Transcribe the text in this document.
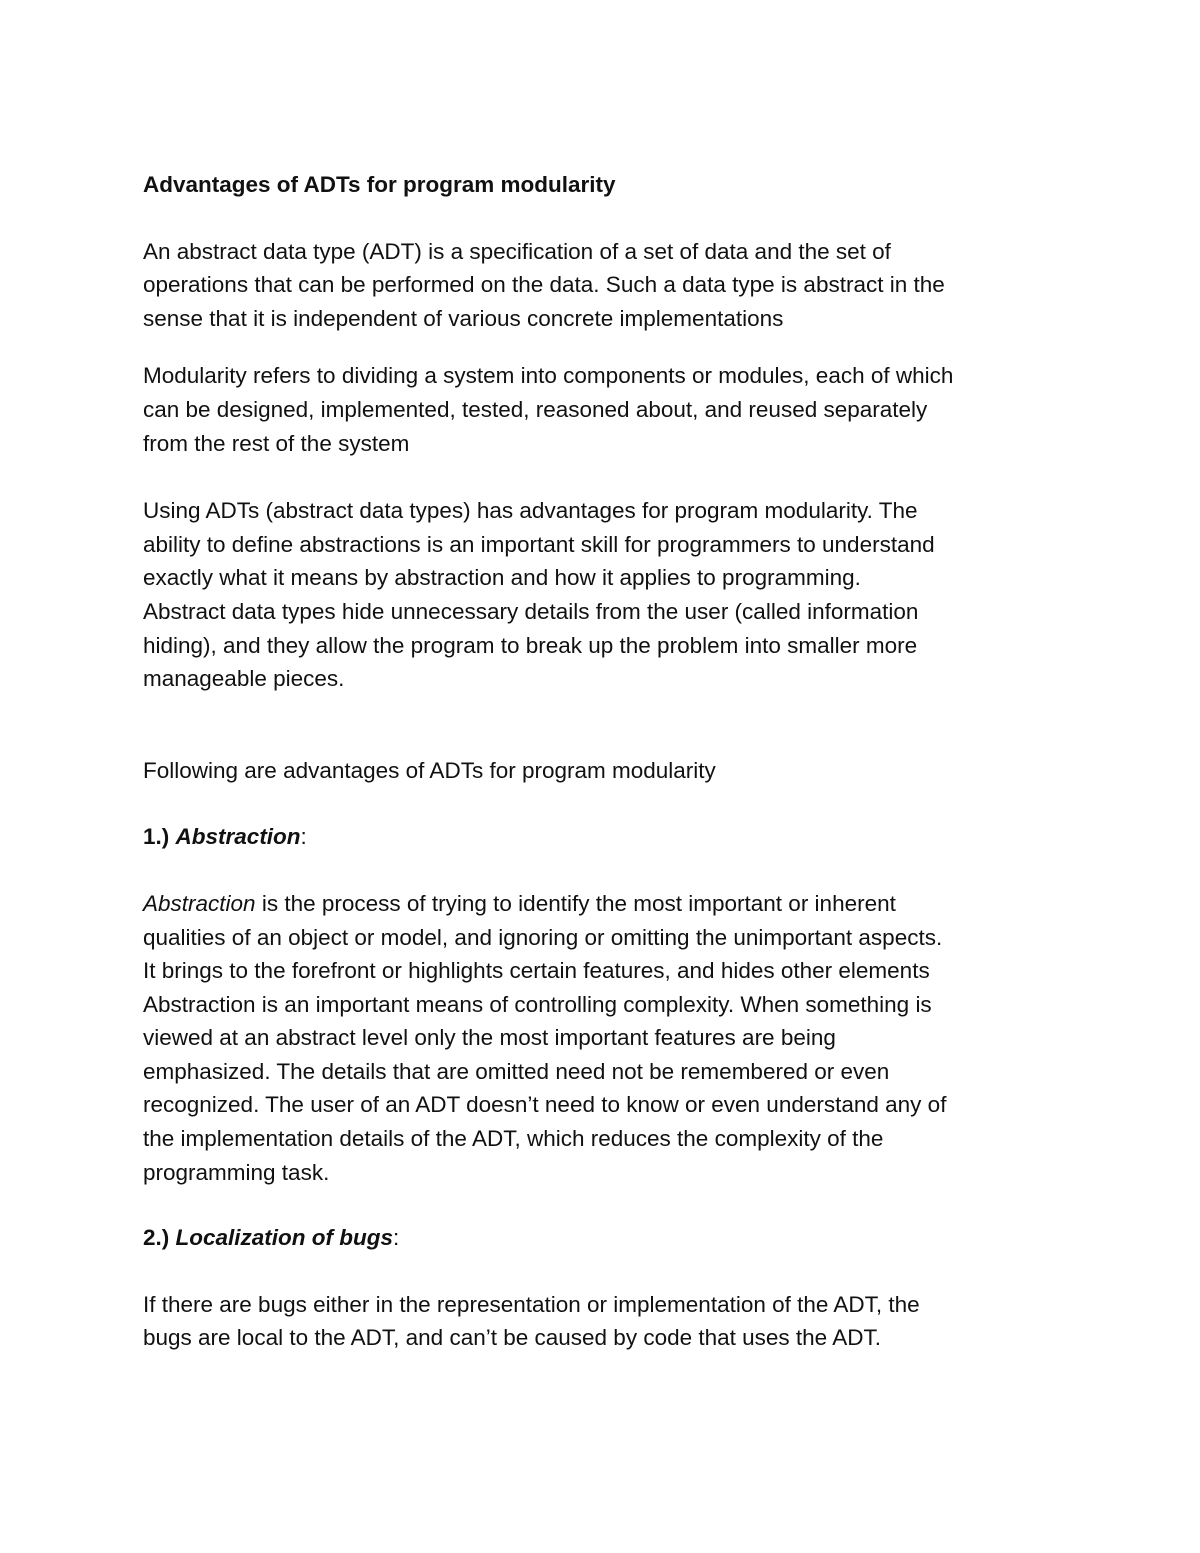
Advantages of ADTs for program modularity

An abstract data type (ADT) is a specification of a set of data and the set of
operations that can be performed on the data. Such a data type is abstract in the
sense that it is independent of various concrete implementations

Modularity refers to dividing a system into components or modules, each of which
can be designed, implemented, tested, reasoned about, and reused separately
from the rest of the system

Using ADTs (abstract data types) has advantages for program modularity. The
ability to define abstractions is an important skill for programmers to understand
exactly what it means by abstraction and how it applies to programming.
Abstract data types hide unnecessary details from the user (called information
hiding), and they allow the program to break up the problem into smaller more
manageable pieces.

Following are advantages of ADTs for program modularity

1.) Abstraction:

Abstraction is the process of trying to identify the most important or inherent
qualities of an object or model, and ignoring or omitting the unimportant aspects.
It brings to the forefront or highlights certain features, and hides other elements
Abstraction is an important means of controlling complexity. When something is
viewed at an abstract level only the most important features are being
emphasized. The details that are omitted need not be remembered or even
recognized. The user of an ADT doesn’t need to know or even understand any of
the implementation details of the ADT, which reduces the complexity of the
programming task.

2.) Localization of bugs:

If there are bugs either in the representation or implementation of the ADT, the
bugs are local to the ADT, and can’t be caused by code that uses the ADT.
